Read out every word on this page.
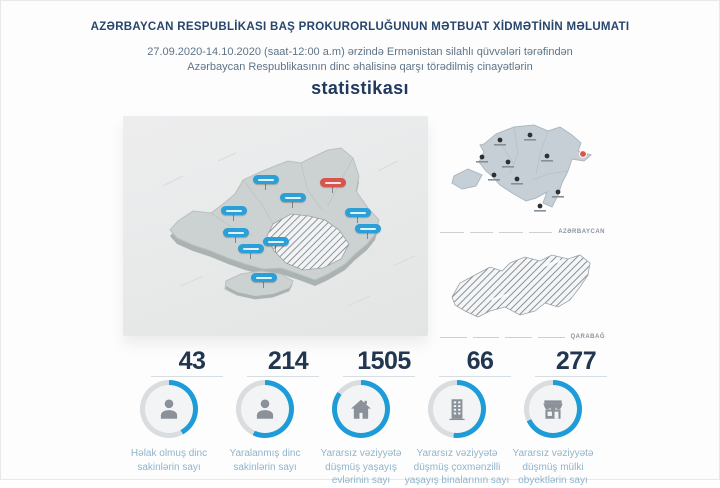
AZƏRBAYCAN RESPUBLİKASI BAŞ PROKURORLUĞUNUN MƏTBUAT XİDMƏTİNİN MƏLUMATI

27.09.2020-14.10.2020 (saat-12:00 a.m) ərzində Ermənistan silahlı qüvvələri tərəfindən
Azərbaycan Respublikasının dinc əhalisinə qarşı törədilmiş cinayətlərin

statistikası
AZƏRBAYCAN
QARABAĞ
43
Həlak olmuş dinc sakinlərin sayı
214
Yaralanmış dinc sakinlərin sayı
1505
Yararsız vəziyyətə düşmüş yaşayış evlərinin sayı
66
Yararsız vəziyyətə düşmüş çoxmənzilli yaşayış binalarının sayı
277
Yararsız vəziyyətə düşmüş mülki obyektlərin sayı
